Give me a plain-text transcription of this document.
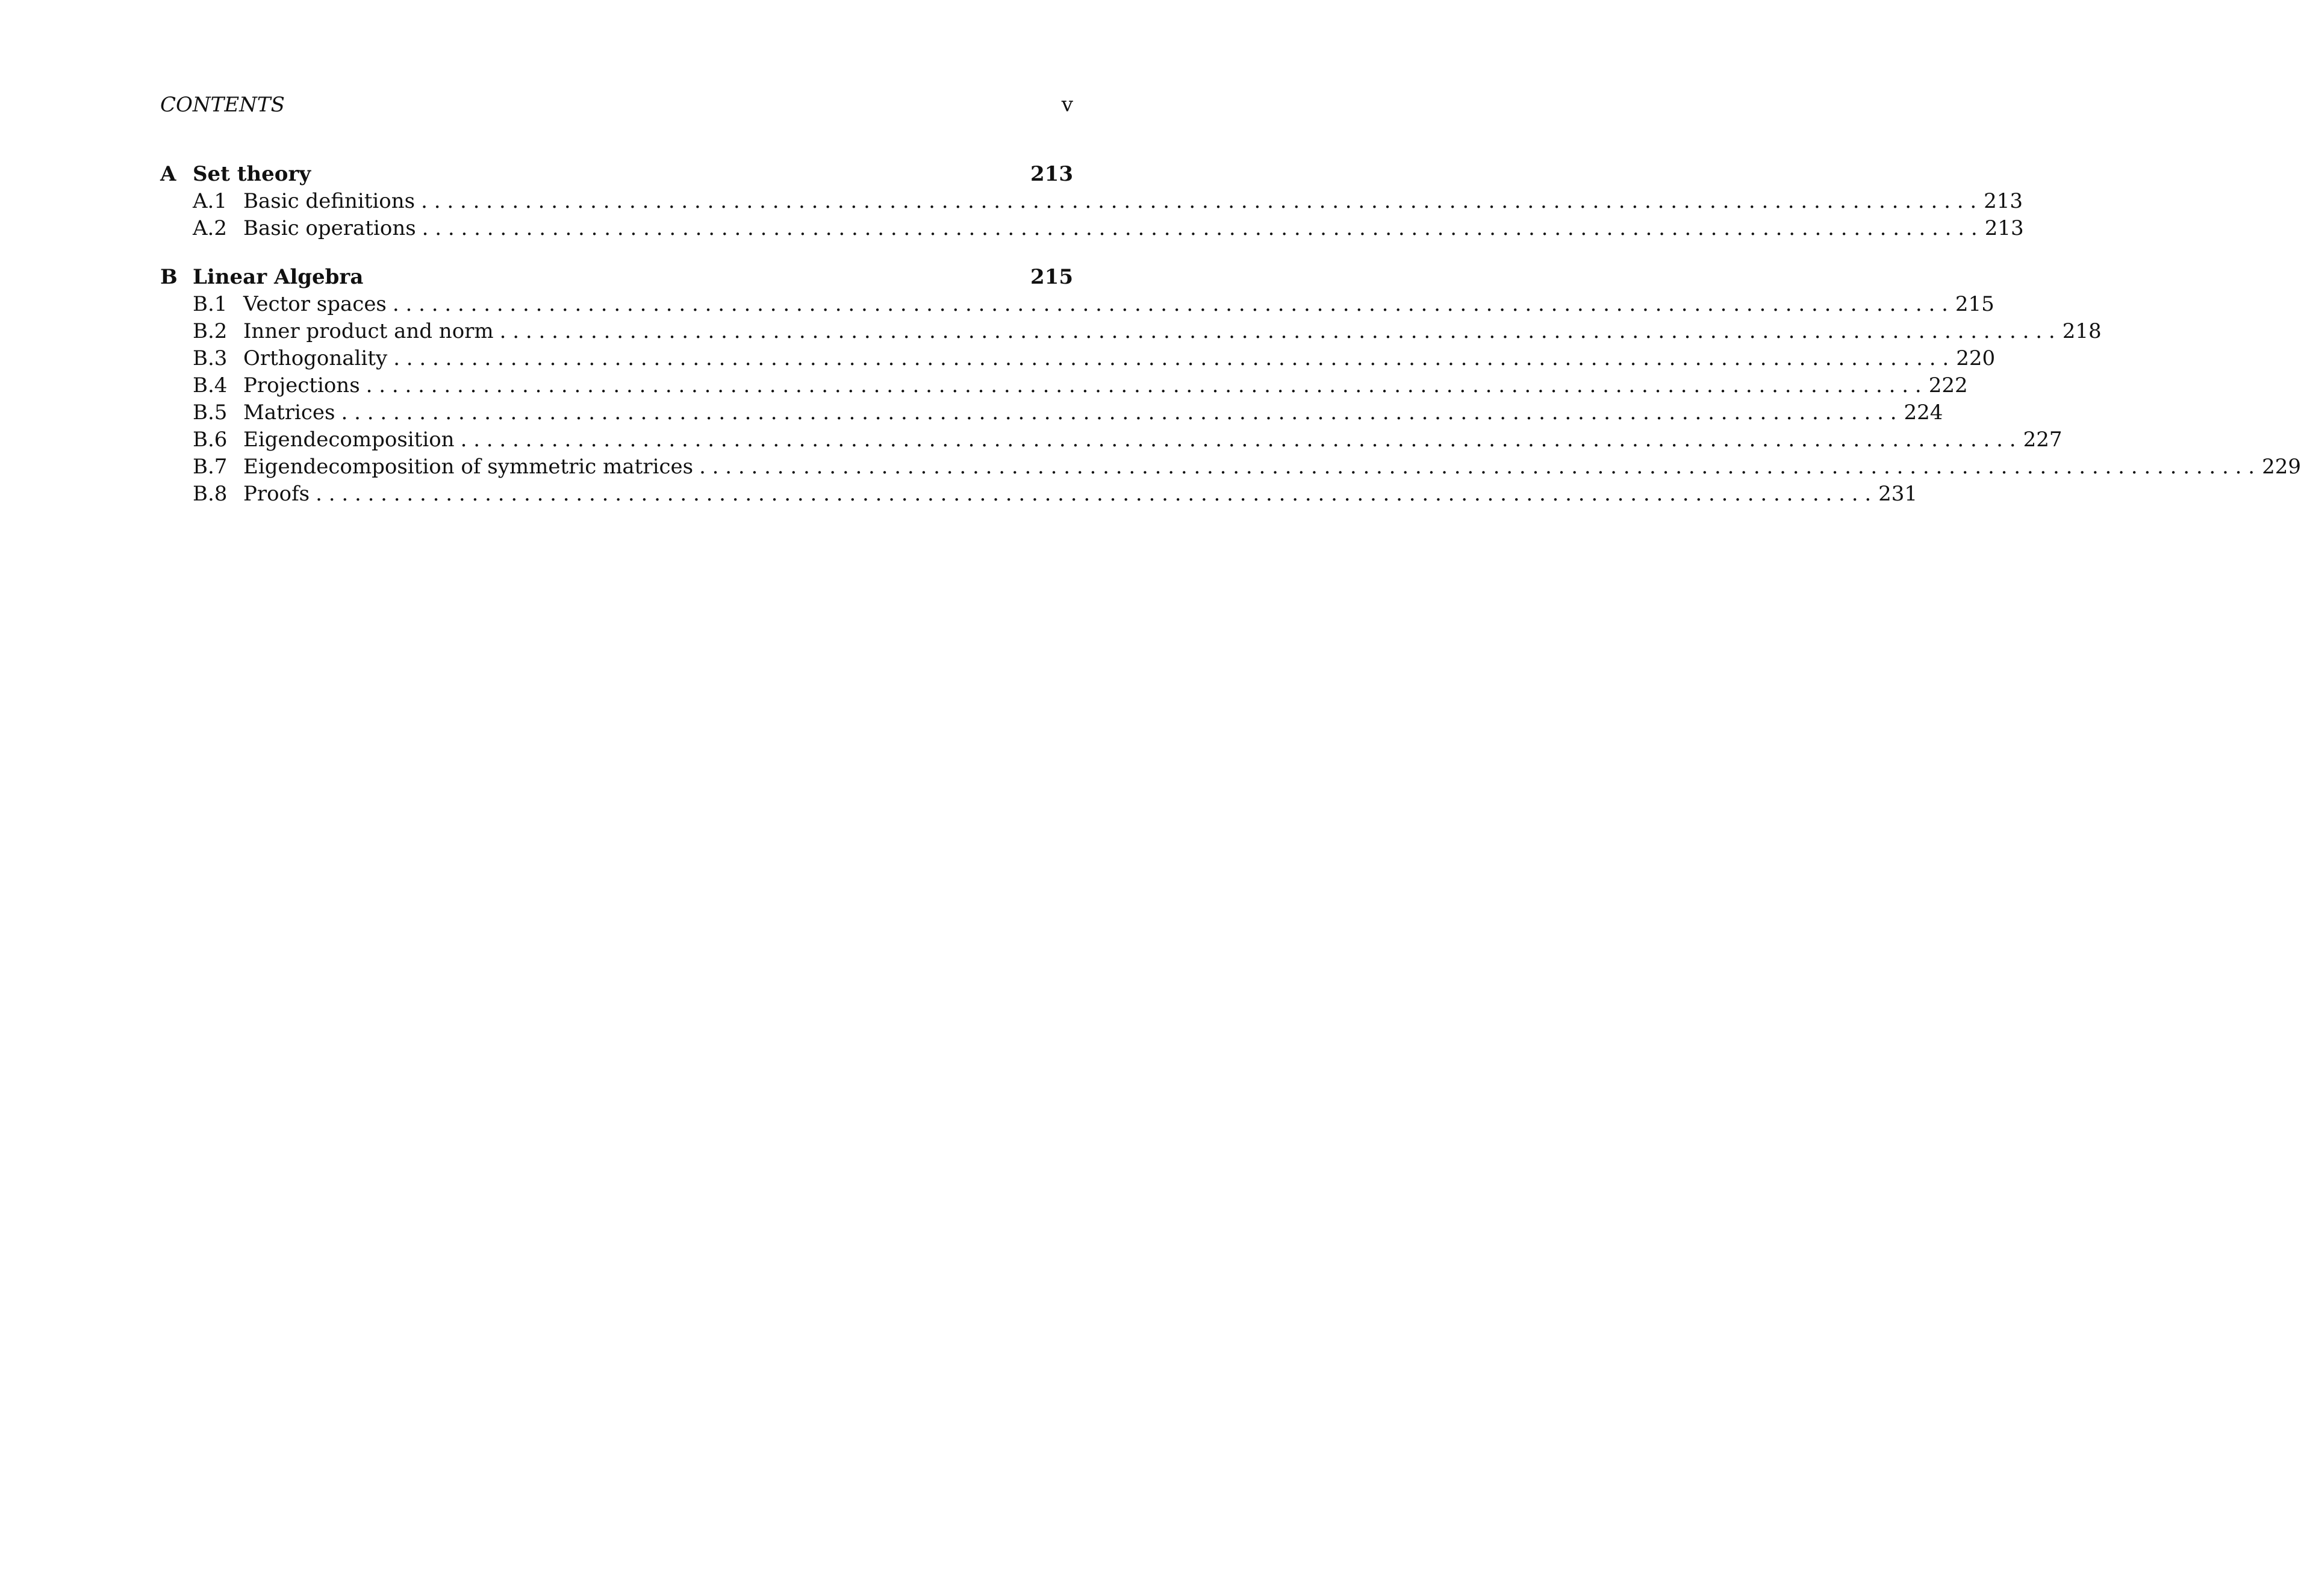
CONTENTS	v
A Set theory	213
A.1 Basic definitions . . . . . . . . . . . . . . . . . . . . . . . . . . . . . . . . . . . . . . . . . . . . . . . . . . . . . . . . . . . . . . . . . . . . . . . . . . . . . . . . . . . . . . . . . . . . . . . . . . . . . . . . . . . . . . . . . . . . . . . . 213
A.2 Basic operations . . . . . . . . . . . . . . . . . . . . . . . . . . . . . . . . . . . . . . . . . . . . . . . . . . . . . . . . . . . . . . . . . . . . . . . . . . . . . . . . . . . . . . . . . . . . . . . . . . . . . . . . . . . . . . . . . . . . . . . . 213
B Linear Algebra	215
B.1 Vector spaces . . . . . . . . . . . . . . . . . . . . . . . . . . . . . . . . . . . . . . . . . . . . . . . . . . . . . . . . . . . . . . . . . . . . . . . . . . . . . . . . . . . . . . . . . . . . . . . . . . . . . . . . . . . . . . . . . . . . . . . . 215
B.2 Inner product and norm . . . . . . . . . . . . . . . . . . . . . . . . . . . . . . . . . . . . . . . . . . . . . . . . . . . . . . . . . . . . . . . . . . . . . . . . . . . . . . . . . . . . . . . . . . . . . . . . . . . . . . . . . . . . . . . . . . . . . . . . 218
B.3 Orthogonality . . . . . . . . . . . . . . . . . . . . . . . . . . . . . . . . . . . . . . . . . . . . . . . . . . . . . . . . . . . . . . . . . . . . . . . . . . . . . . . . . . . . . . . . . . . . . . . . . . . . . . . . . . . . . . . . . . . . . . . . 220
B.4 Projections . . . . . . . . . . . . . . . . . . . . . . . . . . . . . . . . . . . . . . . . . . . . . . . . . . . . . . . . . . . . . . . . . . . . . . . . . . . . . . . . . . . . . . . . . . . . . . . . . . . . . . . . . . . . . . . . . . . . . . . . 222
B.5 Matrices . . . . . . . . . . . . . . . . . . . . . . . . . . . . . . . . . . . . . . . . . . . . . . . . . . . . . . . . . . . . . . . . . . . . . . . . . . . . . . . . . . . . . . . . . . . . . . . . . . . . . . . . . . . . . . . . . . . . . . . . 224
B.6 Eigendecomposition . . . . . . . . . . . . . . . . . . . . . . . . . . . . . . . . . . . . . . . . . . . . . . . . . . . . . . . . . . . . . . . . . . . . . . . . . . . . . . . . . . . . . . . . . . . . . . . . . . . . . . . . . . . . . . . . . . . . . . . . 227
B.7 Eigendecomposition of symmetric matrices . . . . . . . . . . . . . . . . . . . . . . . . . . . . . . . . . . . . . . . . . . . . . . . . . . . . . . . . . . . . . . . . . . . . . . . . . . . . . . . . . . . . . . . . . . . . . . . . . . . . . . . . . . . . . . . . . . . . . . . . 229
B.8 Proofs . . . . . . . . . . . . . . . . . . . . . . . . . . . . . . . . . . . . . . . . . . . . . . . . . . . . . . . . . . . . . . . . . . . . . . . . . . . . . . . . . . . . . . . . . . . . . . . . . . . . . . . . . . . . . . . . . . . . . . . . 231
